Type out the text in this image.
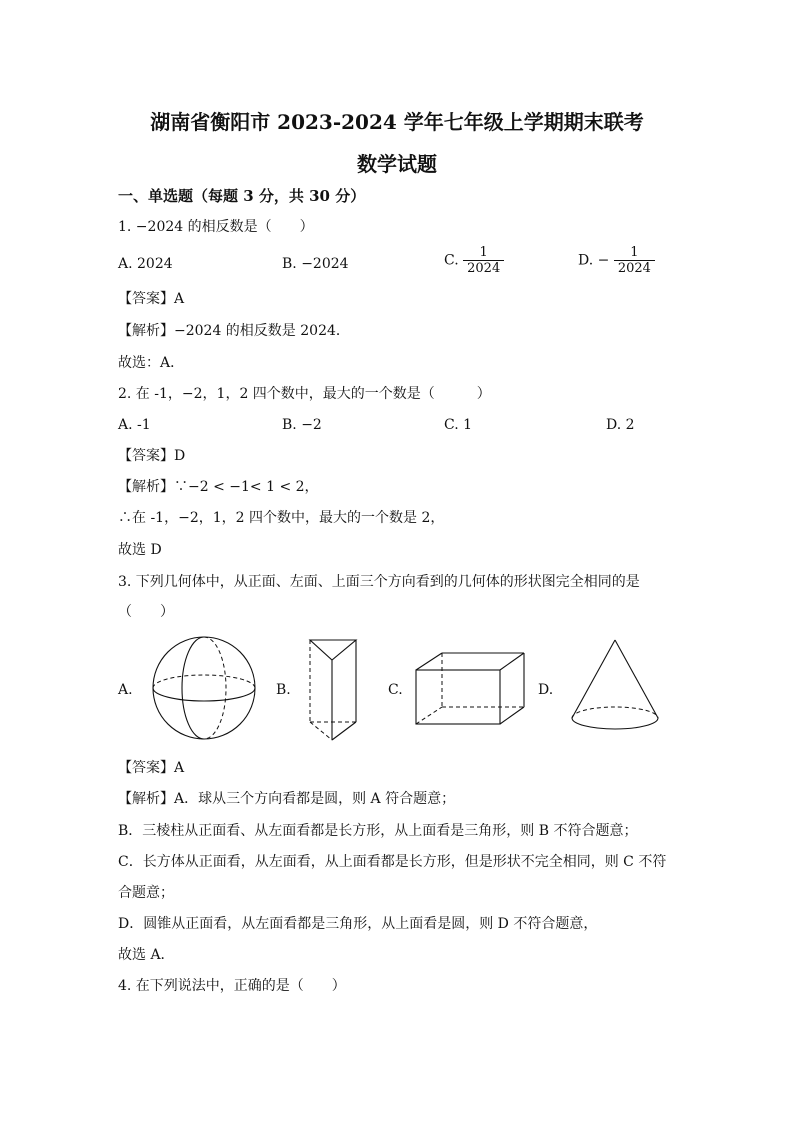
湖南省衡阳市 2023-2024 学年七年级上学期期末联考
数学试题
一、单选题（每题 3 分，共 30 分）
1. −2024 的相反数是（　　）
A. 2024	B. −2024	C. $\frac{1}{2024}$	D. − $\frac{1}{2024}$
【答案】A
【解析】−2024 的相反数是 2024．
故选：A．
2. 在 -1，−2，1，2 四个数中，最大的一个数是（　　　）
A. -1	B. −2	C. 1	D. 2
【答案】D
【解析】∵−2 < −1< 1 < 2，
∴在 -1，−2，1，2 四个数中，最大的一个数是 2，
故选 D
3. 下列几何体中，从正面、左面、上面三个方向看到的几何体的形状图完全相同的是
（　　）
A.	B.	C.	D.
【答案】A
【解析】A．球从三个方向看都是圆，则 A 符合题意；
B．三棱柱从正面看、从左面看都是长方形，从上面看是三角形，则 B 不符合题意；
C．长方体从正面看，从左面看，从上面看都是长方形，但是形状不完全相同，则 C 不符
合题意；
D．圆锥从正面看，从左面看都是三角形，从上面看是圆，则 D 不符合题意，
故选 A．
4. 在下列说法中，正确的是（　　）
